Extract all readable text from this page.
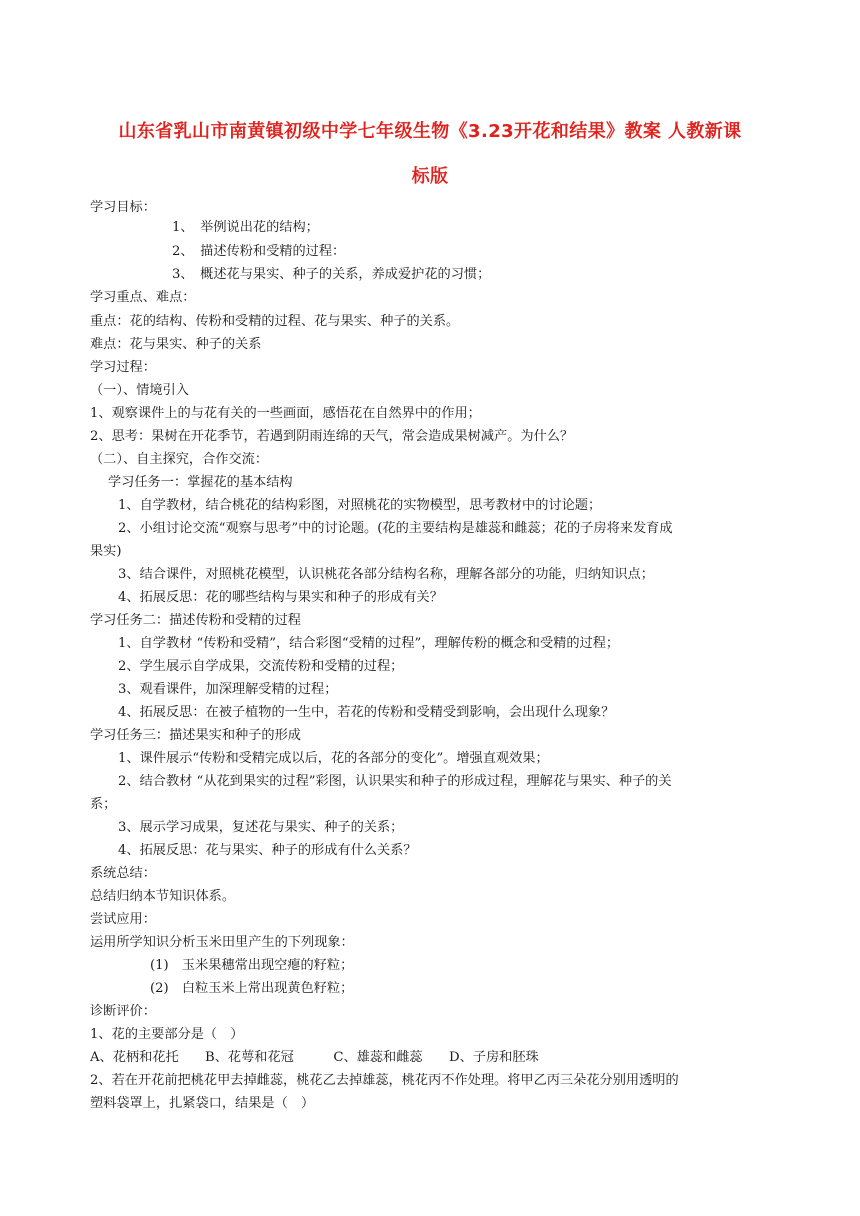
山东省乳山市南黄镇初级中学七年级生物《3.23开花和结果》教案 人教新课
标版
学习目标：
1、　举例说出花的结构；
2、　描述传粉和受精的过程：
3、　概述花与果实、种子的关系，养成爱护花的习惯；
学习重点、难点：
重点：花的结构、传粉和受精的过程、花与果实、种子的关系。
难点：花与果实、种子的关系
学习过程：
（一）、情境引入
1、观察课件上的与花有关的一些画面，感悟花在自然界中的作用；
2、思考：果树在开花季节，若遇到阴雨连绵的天气，常会造成果树减产。为什么？
（二）、自主探究，合作交流：
学习任务一：掌握花的基本结构
1、自学教材，结合桃花的结构彩图，对照桃花的实物模型，思考教材中的讨论题；
2、小组讨论交流“观察与思考”中的讨论题。(花的主要结构是雄蕊和雌蕊；花的子房将来发育成
果实)
3、结合课件，对照桃花模型，认识桃花各部分结构名称，理解各部分的功能，归纳知识点；
4、拓展反思：花的哪些结构与果实和种子的形成有关？
学习任务二：描述传粉和受精的过程
1、自学教材 “传粉和受精”，结合彩图“受精的过程”，理解传粉的概念和受精的过程；
2、学生展示自学成果，交流传粉和受精的过程；
3、观看课件，加深理解受精的过程；
4、拓展反思：在被子植物的一生中，若花的传粉和受精受到影响，会出现什么现象？
学习任务三：描述果实和种子的形成
1、课件展示“传粉和受精完成以后，花的各部分的变化”。增强直观效果；
2、结合教材 “从花到果实的过程”彩图，认识果实和种子的形成过程，理解花与果实、种子的关
系；
3、展示学习成果，复述花与果实、种子的关系；
4、拓展反思：花与果实、种子的形成有什么关系？
系统总结：
总结归纳本节知识体系。
尝试应用：
运用所学知识分析玉米田里产生的下列现象：
(1)　玉米果穗常出现空瘪的籽粒；
(2)　白粒玉米上常出现黄色籽粒；
诊断评价：
1、花的主要部分是（　）
A、花柄和花托　　B、花萼和花冠　　　C、雄蕊和雌蕊　　D、子房和胚珠
2、若在开花前把桃花甲去掉雌蕊，桃花乙去掉雄蕊，桃花丙不作处理。将甲乙丙三朵花分别用透明的
塑料袋罩上，扎紧袋口，结果是（　）
